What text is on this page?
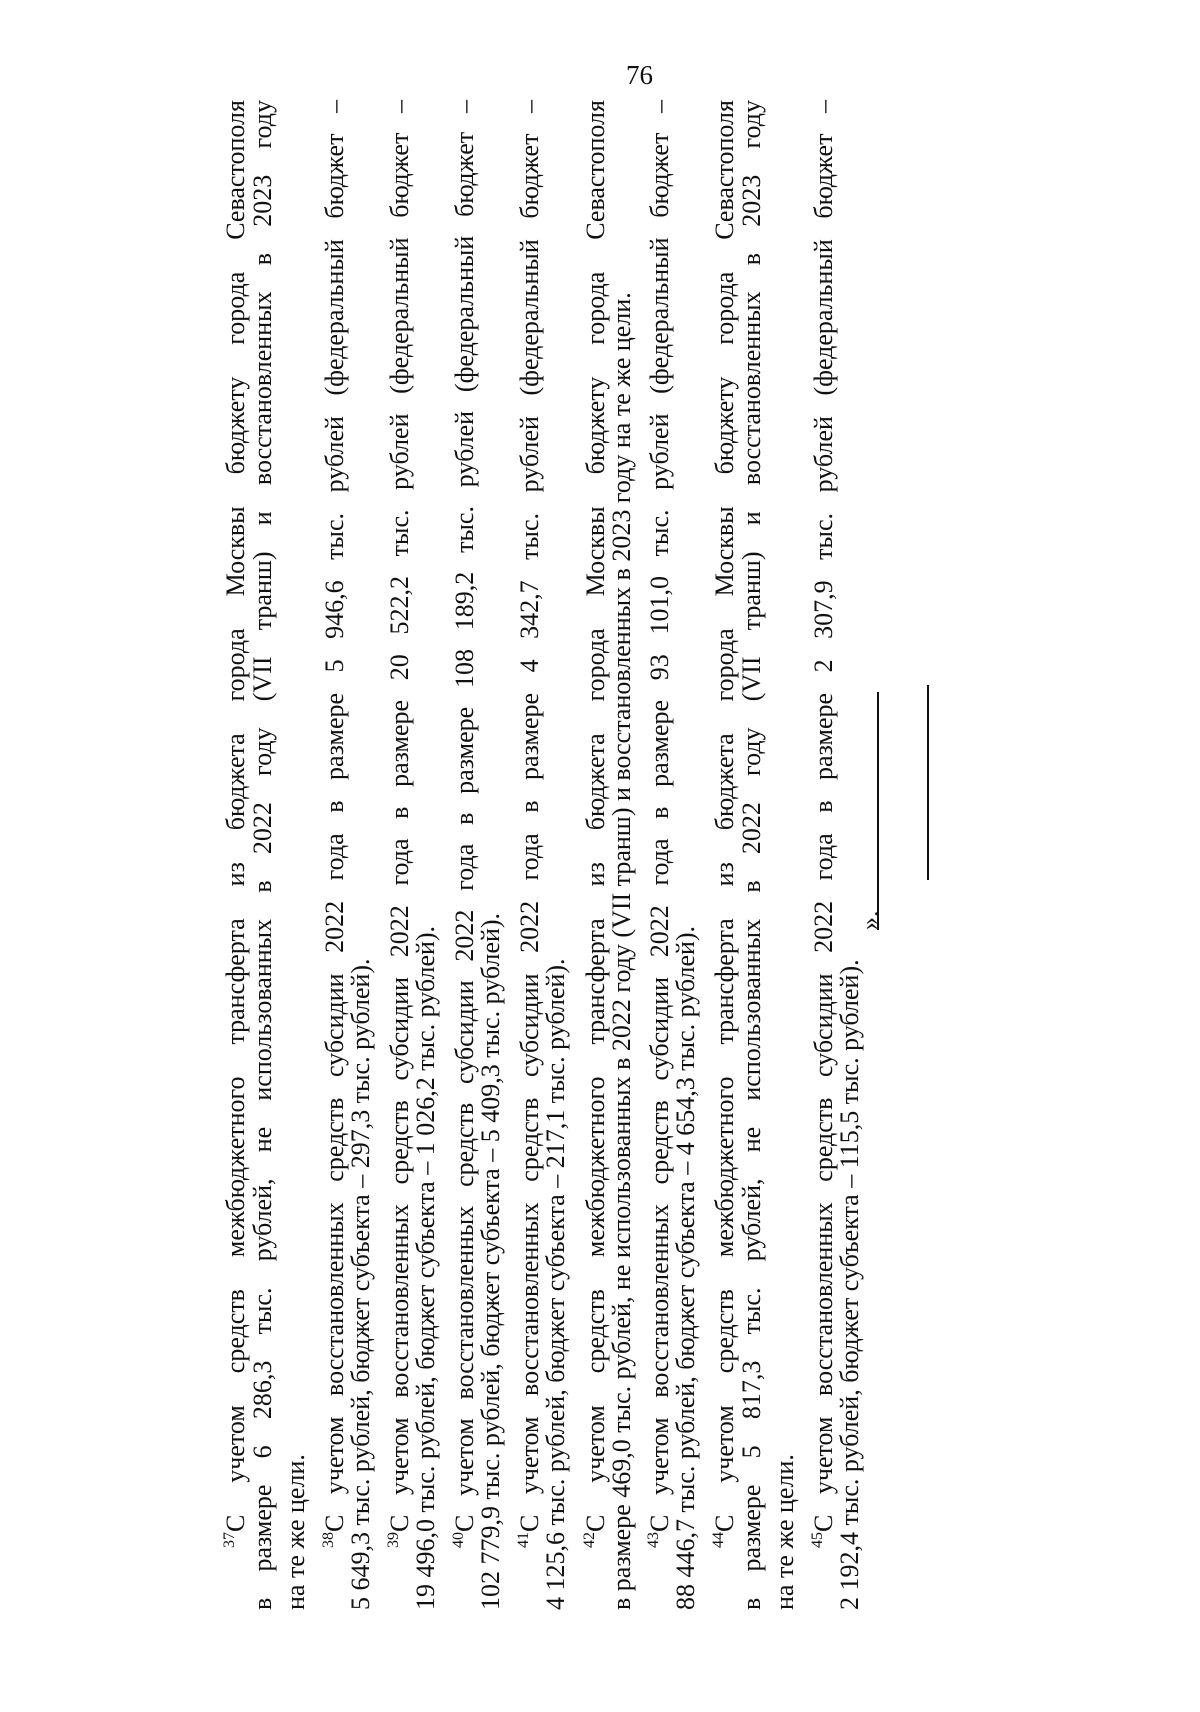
76
$^{37}$С учетом средств межбюджетного трансферта из бюджета города Москвы бюджету города Севастополя
в размере 6 286,3 тыс. рублей, не использованных в 2022 году (VII транш) и восстановленных в 2023 году на те же цели. $^{38}$С учетом восстановленных средств субсидии 2022 года в размере 5 946,6 тыс. рублей (федеральный бюджет –
5 649,3 тыс. рублей, бюджет субъекта – 297,3 тыс. рублей). $^{39}$С учетом восстановленных средств субсидии 2022 года в размере 20 522,2 тыс. рублей (федеральный бюджет –
19 496,0 тыс. рублей, бюджет субъекта – 1 026,2 тыс. рублей). $^{40}$С учетом восстановленных средств субсидии 2022 года в размере 108 189,2 тыс. рублей (федеральный бюджет –
102 779,9 тыс. рублей, бюджет субъекта – 5 409,3 тыс. рублей). $^{41}$С учетом восстановленных средств субсидии 2022 года в размере 4 342,7 тыс. рублей (федеральный бюджет –
4 125,6 тыс. рублей, бюджет субъекта – 217,1 тыс. рублей). $^{42}$С учетом средств межбюджетного трансферта из бюджета города Москвы бюджету города Севастополя
в размере 469,0 тыс. рублей, не использованных в 2022 году (VII транш) и восстановленных в 2023 году на те же цели. $^{43}$С учетом восстановленных средств субсидии 2022 года в размере 93 101,0 тыс. рублей (федеральный бюджет –
88 446,7 тыс. рублей, бюджет субъекта – 4 654,3 тыс. рублей). $^{44}$С учетом средств межбюджетного трансферта из бюджета города Москвы бюджету города Севастополя
в размере 5 817,3 тыс. рублей, не использованных в 2022 году (VII транш) и восстановленных в 2023 году на те же цели. $^{45}$С учетом восстановленных средств субсидии 2022 года в размере 2 307,9 тыс. рублей (федеральный бюджет –
2 192,4 тыс. рублей, бюджет субъекта – 115,5 тыс. рублей).
».
